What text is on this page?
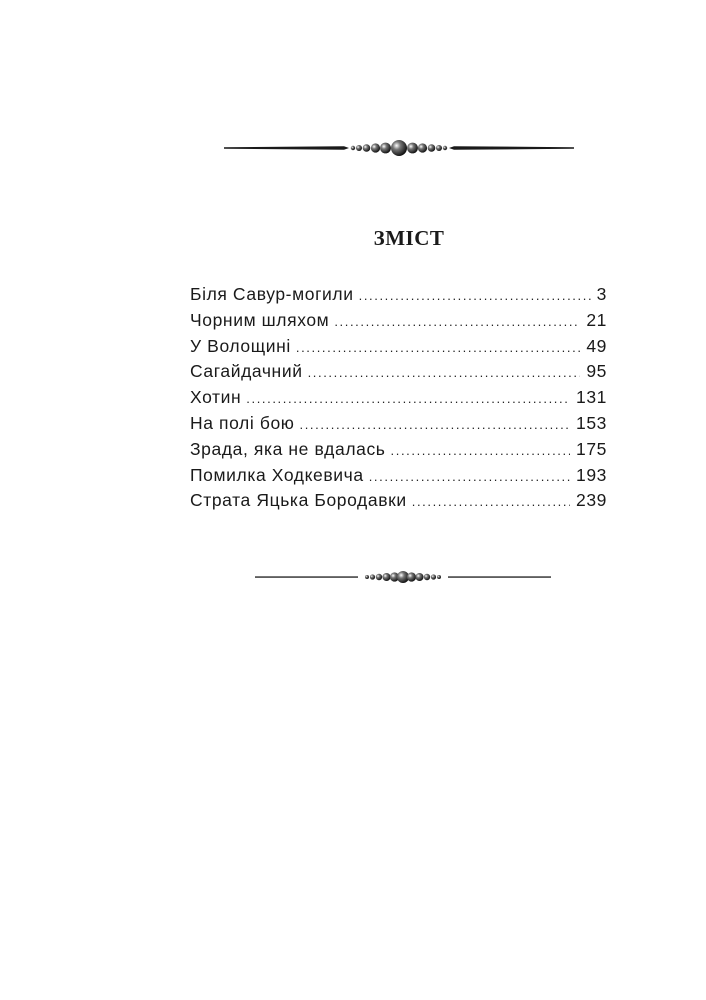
ЗМІСТ
Біля Савур-могили .....	3
Чорним шляхом .....	21
У Волощині .....	49
Сагайдачний .....	95
Хотин .....	131
На полі бою .....	153
Зрада, яка не вдалась .....	175
Помилка Ходкевича .....	193
Страта Яцька Бородавки .....	239
